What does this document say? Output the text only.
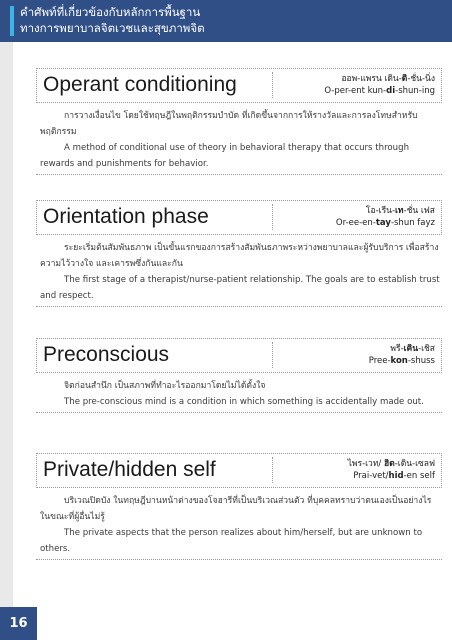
คำศัพท์ที่เกี่ยวข้องกับหลักการพื้นฐาน
ทางการพยาบาลจิตเวชและสุขภาพจิต
Operant conditioning	ออพ-แพรน เดิน-ดิ-ชั่น-นิ่ง
O-per-ent kun-di-shun-ing

การวางเงื่อนไข โดยใช้ทฤษฎีในพฤติกรรมบำบัด ที่เกิดขึ้นจากการให้รางวัลและการลงโทษสำหรับพฤติกรรม

A method of conditional use of theory in behavioral therapy that occurs through rewards and punishments for behavior.

Orientation phase	โอ-เรีน-เท-ชั่น เฟส
Or-ee-en-tay-shun fayz

ระยะเริ่มต้นสัมพันธภาพ เป็นขั้นแรกของการสร้างสัมพันธภาพระหว่างพยาบาลและผู้รับบริการ เพื่อสร้างความไว้วางใจ และเคารพซึ่งกันและกัน

The first stage of a therapist/nurse-patient relationship. The goals are to establish trust and respect.

Preconscious	พรี-เคิน-เชิส
Pree-kon-shuss

จิตก่อนสำนึก เป็นสภาพที่ทำอะไรออกมาโดยไม่ได้ตั้งใจ

The pre-conscious mind is a condition in which something is accidentally made out.

Private/hidden self	ไพร-เวท/ ฮิด-เดิน-เซลฟ
Prai-vet/hid-en self

บริเวณปิดบัง ในทฤษฎีบานหน้าต่างของโจฮารีที่เป็นบริเวณส่วนตัว ที่บุคคลทราบว่าตนเองเป็นอย่างไร ในขณะที่ผู้อื่นไม่รู้

The private aspects that the person realizes about him/herself, but are unknown to others.

16
